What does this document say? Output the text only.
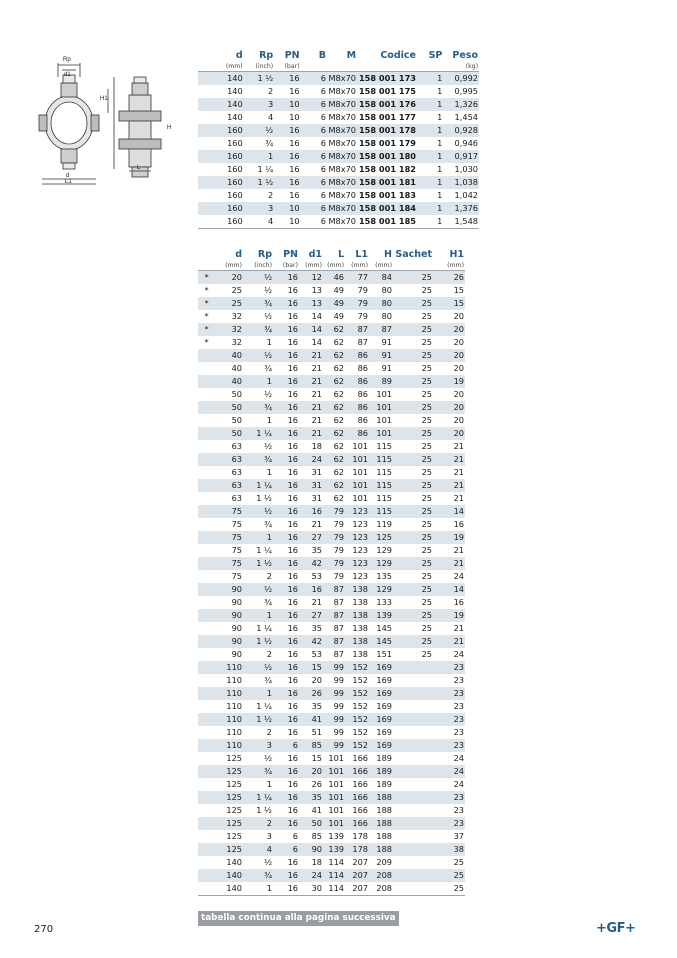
Rp
d1
H1
H
L
d
L1
d	Rp	PN	B	M	Codice	SP	Peso
(mm)	(inch)	(bar)					(kg)
140	1 ½	16	6	M8x70	158 001 173	1	0,992
140	2	16	6	M8x70	158 001 175	1	0,995
140	3	10	6	M8x70	158 001 176	1	1,326
140	4	10	6	M8x70	158 001 177	1	1,454
160	½	16	6	M8x70	158 001 178	1	0,928
160	¾	16	6	M8x70	158 001 179	1	0,946
160	1	16	6	M8x70	158 001 180	1	0,917
160	1 ¼	16	6	M8x70	158 001 182	1	1,030
160	1 ½	16	6	M8x70	158 001 181	1	1,038
160	2	16	6	M8x70	158 001 183	1	1,042
160	3	10	6	M8x70	158 001 184	1	1,376
160	4	10	6	M8x70	158 001 185	1	1,548
	d	Rp	PN	d1	L	L1	H	Sachet	H1
	(mm)	(inch)	(bar)	(mm)	(mm)	(mm)	(mm)		(mm)
*	20	½	16	12	46	77	84	25	26
*	25	½	16	13	49	79	80	25	15
*	25	¾	16	13	49	79	80	25	15
*	32	½	16	14	49	79	80	25	20
*	32	¾	16	14	62	87	87	25	20
*	32	1	16	14	62	87	91	25	20
	40	½	16	21	62	86	91	25	20
	40	¾	16	21	62	86	91	25	20
	40	1	16	21	62	86	89	25	19
	50	½	16	21	62	86	101	25	20
	50	¾	16	21	62	86	101	25	20
	50	1	16	21	62	86	101	25	20
	50	1 ¼	16	21	62	86	101	25	20
	63	½	16	18	62	101	115	25	21
	63	¾	16	24	62	101	115	25	21
	63	1	16	31	62	101	115	25	21
	63	1 ¼	16	31	62	101	115	25	21
	63	1 ½	16	31	62	101	115	25	21
	75	½	16	16	79	123	115	25	14
	75	¾	16	21	79	123	119	25	16
	75	1	16	27	79	123	125	25	19
	75	1 ¼	16	35	79	123	129	25	21
	75	1 ½	16	42	79	123	129	25	21
	75	2	16	53	79	123	135	25	24
	90	½	16	16	87	138	129	25	14
	90	¾	16	21	87	138	133	25	16
	90	1	16	27	87	138	139	25	19
	90	1 ¼	16	35	87	138	145	25	21
	90	1 ½	16	42	87	138	145	25	21
	90	2	16	53	87	138	151	25	24
	110	½	16	15	99	152	169		23
	110	¾	16	20	99	152	169		23
	110	1	16	26	99	152	169		23
	110	1 ¼	16	35	99	152	169		23
	110	1 ½	16	41	99	152	169		23
	110	2	16	51	99	152	169		23
	110	3	6	85	99	152	169		23
	125	½	16	15	101	166	189		24
	125	¾	16	20	101	166	189		24
	125	1	16	26	101	166	189		24
	125	1 ¼	16	35	101	166	188		23
	125	1 ½	16	41	101	166	188		23
	125	2	16	50	101	166	188		23
	125	3	6	85	139	178	188		37
	125	4	6	90	139	178	188		38
	140	½	16	18	114	207	209		25
	140	¾	16	24	114	207	208		25
	140	1	16	30	114	207	208		25
tabella continua alla pagina successiva
270	+GF+
